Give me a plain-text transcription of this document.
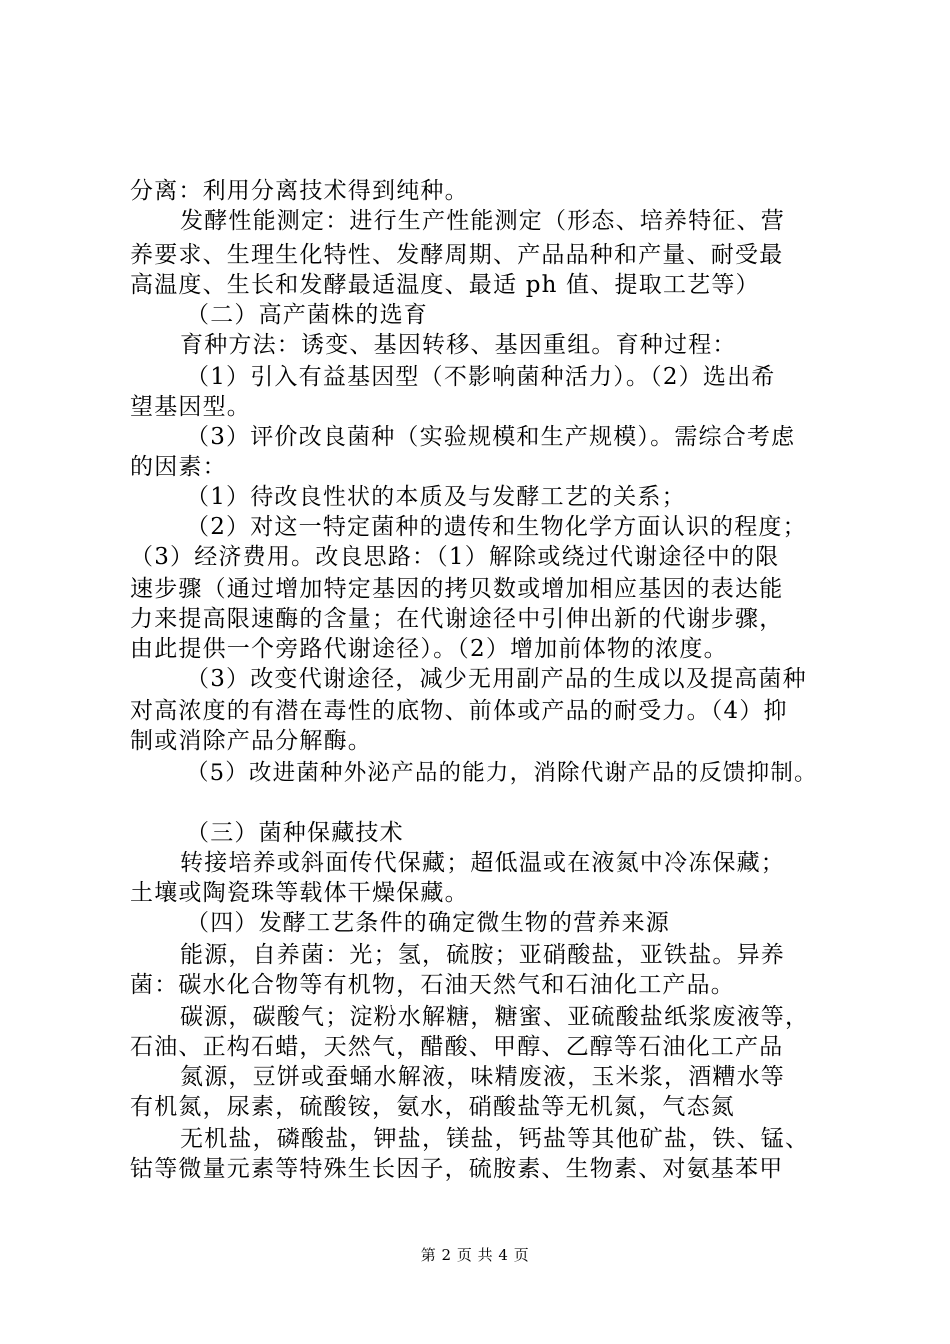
分离：利用分离技术得到纯种。
发酵性能测定：进行生产性能测定（形态、培养特征、营
养要求、生理生化特性、发酵周期、产品品种和产量、耐受最
高温度、生长和发酵最适温度、最适 ph 值、提取工艺等）
（二）高产菌株的选育
育种方法：诱变、基因转移、基因重组。育种过程：
（1）引入有益基因型（不影响菌种活力）。（2）选出希
望基因型。
（3）评价改良菌种（实验规模和生产规模）。需综合考虑
的因素：
（1）待改良性状的本质及与发酵工艺的关系；
（2）对这一特定菌种的遗传和生物化学方面认识的程度；
（3）经济费用。改良思路：（1）解除或绕过代谢途径中的限
速步骤（通过增加特定基因的拷贝数或增加相应基因的表达能
力来提高限速酶的含量；在代谢途径中引伸出新的代谢步骤，
由此提供一个旁路代谢途径）。（2）增加前体物的浓度。
（3）改变代谢途径，减少无用副产品的生成以及提高菌种
对高浓度的有潜在毒性的底物、前体或产品的耐受力。（4）抑
制或消除产品分解酶。
（5）改进菌种外泌产品的能力，消除代谢产品的反馈抑制。
（三）菌种保藏技术
转接培养或斜面传代保藏；超低温或在液氮中冷冻保藏；
土壤或陶瓷珠等载体干燥保藏。
（四）发酵工艺条件的确定微生物的营养来源
能源，自养菌：光；氢，硫胺；亚硝酸盐，亚铁盐。异养
菌：碳水化合物等有机物，石油天然气和石油化工产品。
碳源，碳酸气；淀粉水解糖，糖蜜、亚硫酸盐纸浆废液等，
石油、正构石蜡，天然气，醋酸、甲醇、乙醇等石油化工产品
氮源，豆饼或蚕蛹水解液，味精废液，玉米浆，酒糟水等
有机氮，尿素，硫酸铵，氨水，硝酸盐等无机氮，气态氮
无机盐，磷酸盐，钾盐，镁盐，钙盐等其他矿盐，铁、锰、
钴等微量元素等特殊生长因子，硫胺素、生物素、对氨基苯甲
第 2 页 共 4 页
